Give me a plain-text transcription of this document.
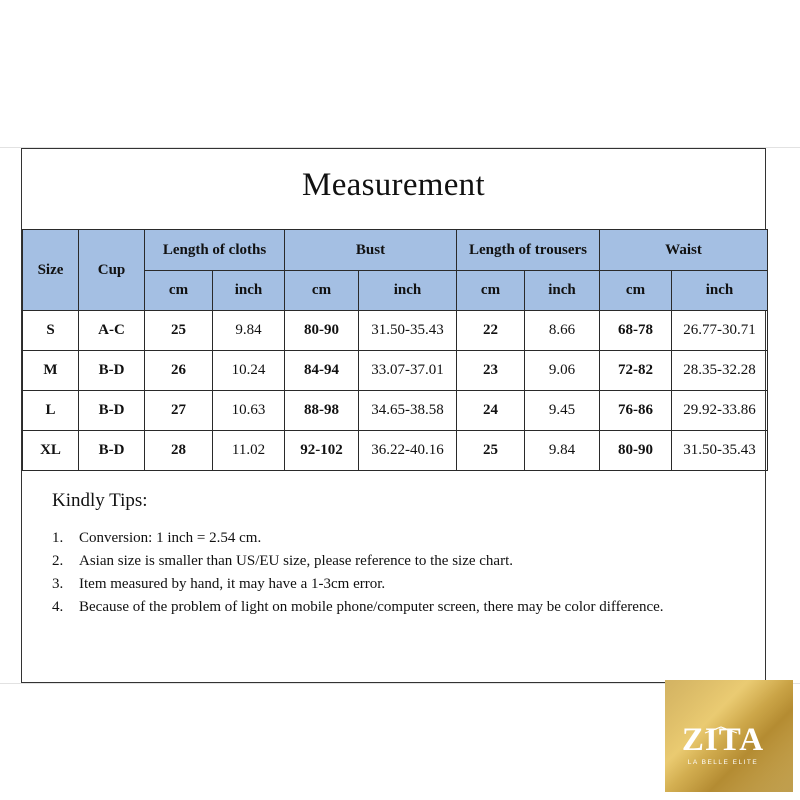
Measurement
Size	Cup	Length of cloths		Bust		Length of trousers		Waist	
		cm	inch	cm	inch	cm	inch	cm	inch
S	A-C	25	9.84	80-90	31.50-35.43	22	8.66	68-78	26.77-30.71
M	B-D	26	10.24	84-94	33.07-37.01	23	9.06	72-82	28.35-32.28
L	B-D	27	10.63	88-98	34.65-38.58	24	9.45	76-86	29.92-33.86
XL	B-D	28	11.02	92-102	36.22-40.16	25	9.84	80-90	31.50-35.43
Kindly Tips:
1. Conversion: 1 inch = 2.54 cm.
2. Asian size is smaller than US/EU size, please reference to the size chart.
3. Item measured by hand, it may have a 1-3cm error.
4. Because of the problem of light on mobile phone/computer screen, there may be color difference.
ZITA
LA BELLE ELITE
